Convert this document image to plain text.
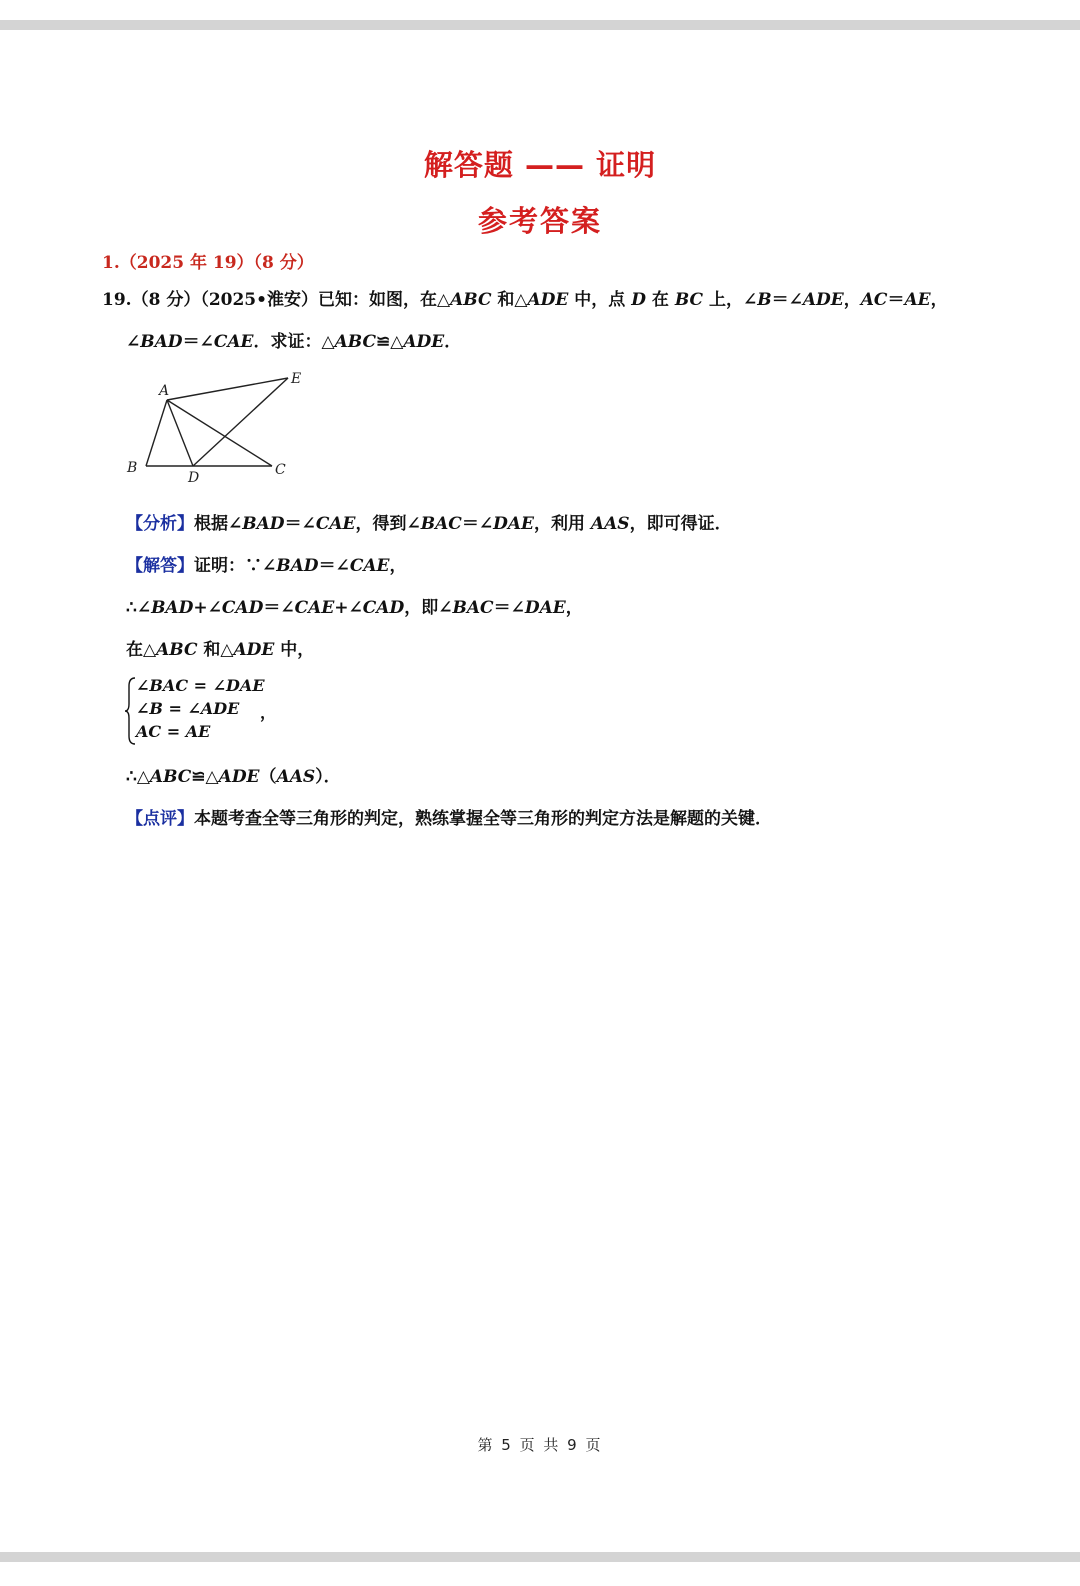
解答题 —— 证明
参考答案
1.（2025 年 19）（8 分）
19.（8 分）（2025•淮安）已知：如图，在△ABC 和△ADE 中，点 D 在 BC 上，∠B＝∠ADE，AC＝AE，
∠BAD＝∠CAE．求证：△ABC≌△ADE．
A
B	C
D
E
【分析】根据∠BAD＝∠CAE，得到∠BAC＝∠DAE，利用 AAS，即可得证．
【解答】证明：∵∠BAD＝∠CAE，
∴∠BAD+∠CAD＝∠CAE+∠CAD，即∠BAC＝∠DAE，
在△ABC 和△ADE 中，
∠BAC = ∠DAE
∠B = ∠ADE
AC = AE
，
∴△ABC≌△ADE（AAS）．
【点评】本题考查全等三角形的判定，熟练掌握全等三角形的判定方法是解题的关键．
第 5 页 共 9 页
